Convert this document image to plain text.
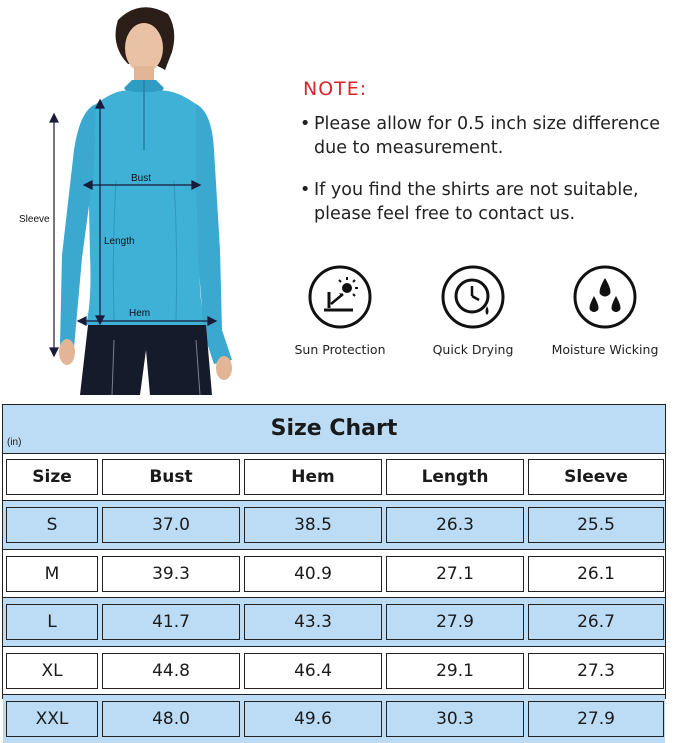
Sleeve
Bust
Length
Hem
NOTE:
• Please allow for 0.5 inch size difference
due to measurement.
• If you find the shirts are not suitable,
please feel free to contact us.
Sun Protection	Quick Drying	Moisture Wicking
Size Chart
(in)
Size	Bust	Hem	Length	Sleeve
S	37.0	38.5	26.3	25.5
M	39.3	40.9	27.1	26.1
L	41.7	43.3	27.9	26.7
XL	44.8	46.4	29.1	27.3
XXL	48.0	49.6	30.3	27.9
